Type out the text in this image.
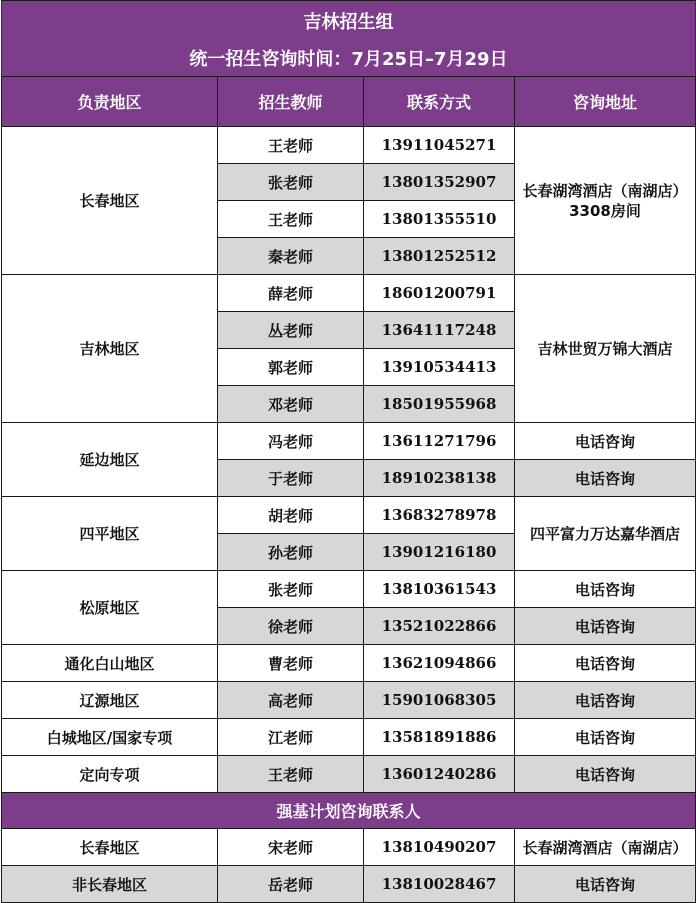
吉林招生组			
统一招生咨询时间：7月25日–7月29日			
负责地区	招生教师	联系方式	咨询地址
长春地区	王老师	13911045271	长春湖湾酒店（南湖店）3308房间
	张老师	13801352907	
	王老师	13801355510	
	秦老师	13801252512	
吉林地区	薛老师	18601200791	吉林世贸万锦大酒店
	丛老师	13641117248	
	郭老师	13910534413	
	邓老师	18501955968	
延边地区	冯老师	13611271796	电话咨询
	于老师	18910238138	电话咨询
四平地区	胡老师	13683278978	四平富力万达嘉华酒店
	孙老师	13901216180	
松原地区	张老师	13810361543	电话咨询
	徐老师	13521022866	电话咨询
通化白山地区	曹老师	13621094866	电话咨询
辽源地区	高老师	15901068305	电话咨询
白城地区/国家专项	江老师	13581891886	电话咨询
定向专项	王老师	13601240286	电话咨询
强基计划咨询联系人			
长春地区	宋老师	13810490207	长春湖湾酒店（南湖店）
非长春地区	岳老师	13810028467	电话咨询
